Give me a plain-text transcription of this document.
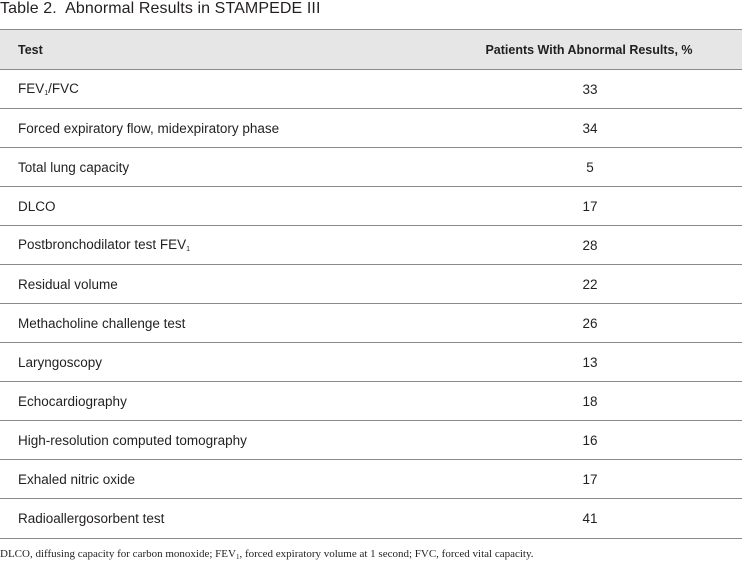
Table 2. Abnormal Results in STAMPEDE III
Test	Patients With Abnormal Results, %
$FEV_1$/FVC	33
Forced expiratory flow, midexpiratory phase	34
Total lung capacity	5
DLCO	17
Postbronchodilator test $FEV_1$	28
Residual volume	22
Methacholine challenge test	26
Laryngoscopy	13
Echocardiography	18
High-resolution computed tomography	16
Exhaled nitric oxide	17
Radioallergosorbent test	41
DLCO, diffusing capacity for carbon monoxide; $FEV_1$, forced expiratory volume at 1 second; FVC, forced vital capacity.
